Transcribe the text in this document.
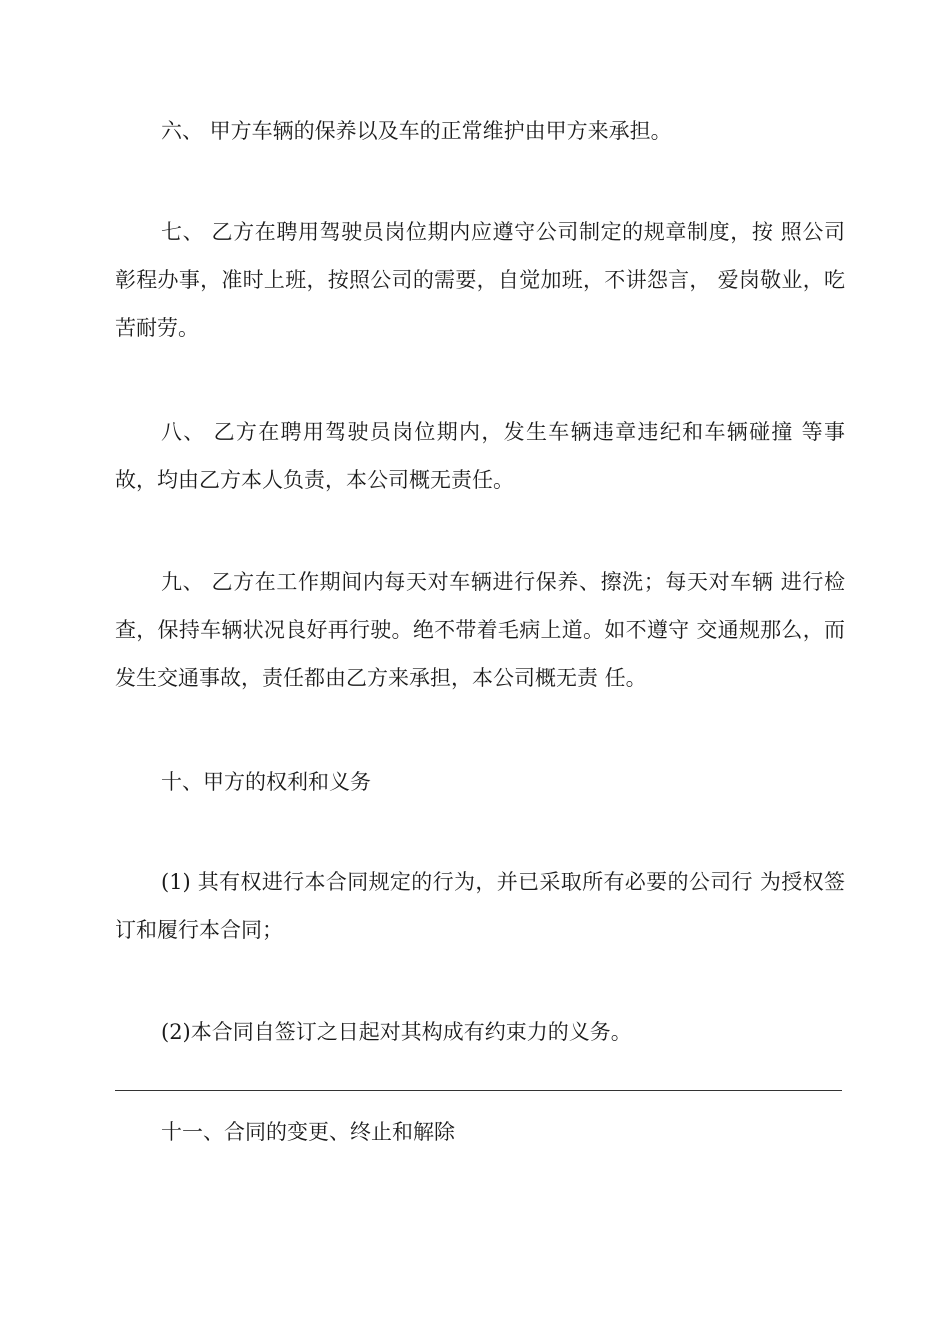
六、 甲方车辆的保养以及车的正常维护由甲方来承担。

七、 乙方在聘用驾驶员岗位期内应遵守公司制定的规章制度，按 照公司彰程办事，准时上班，按照公司的需要，自觉加班，不讲怨言， 爱岗敬业，吃苦耐劳。

八、 乙方在聘用驾驶员岗位期内，发生车辆违章违纪和车辆碰撞 等事故，均由乙方本人负责，本公司概无责任。

九、 乙方在工作期间内每天对车辆进行保养、擦洗；每天对车辆 进行检查，保持车辆状况良好再行驶。绝不带着毛病上道。如不遵守 交通规那么，而发生交通事故，责任都由乙方来承担，本公司概无责 任。

十、甲方的权利和义务

(1) 其有权进行本合同规定的行为，并已采取所有必要的公司行 为授权签订和履行本合同；

(2)本合同自签订之日起对其构成有约束力的义务。

十一、合同的变更、终止和解除
